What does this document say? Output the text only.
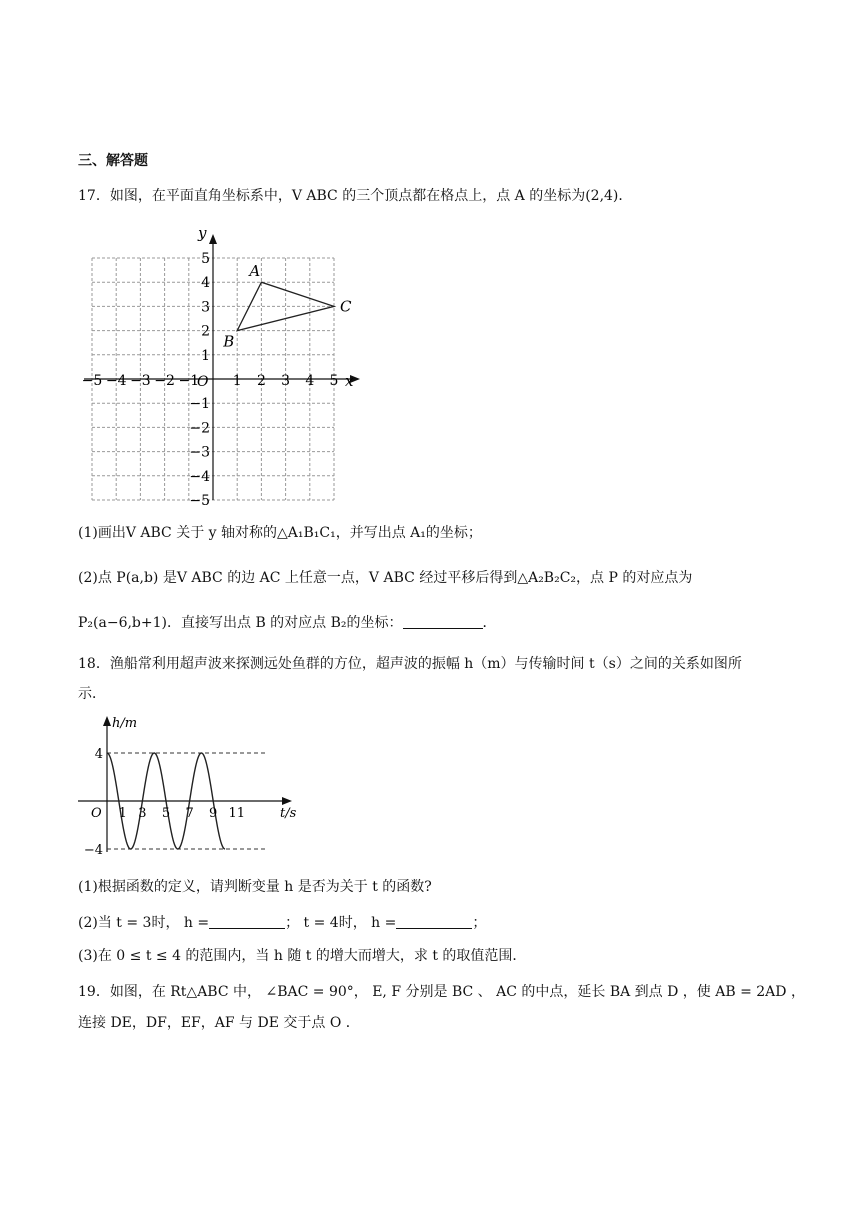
三、解答题
17．如图，在平面直角坐标系中，V ABC 的三个顶点都在格点上，点 A 的坐标为(2,4)．
−5 −4 −3 −2 −1 1 2 3 4 5
5
4
3
2
1
−1
−2
−3
−4
−5
A
B
C
O	x
y
(1)画出V ABC 关于 y 轴对称的△A₁B₁C₁，并写出点 A₁的坐标；
(2)点 P(a,b) 是V ABC 的边 AC 上任意一点，V ABC 经过平移后得到△A₂B₂C₂，点 P 的对应点为
P₂(a−6,b+1)．直接写出点 B 的对应点 B₂的坐标：	．
18．渔船常利用超声波来探测远处鱼群的方位，超声波的振幅 h（m）与传输时间 t（s）之间的关系如图所
示．
1 3 5 7 9 11
4
−4
O
h/m
t/s
(1)根据函数的定义，请判断变量 h 是否为关于 t 的函数?
(2)当 t = 3时， h =	； t = 4时， h =	；
(3)在 0 ≤ t ≤ 4 的范围内，当 h 随 t 的增大而增大，求 t 的取值范围．
19．如图，在 Rt△ABC 中， ∠BAC = 90°， E, F 分别是 BC 、 AC 的中点，延长 BA 到点 D ，使 AB = 2AD ，
连接 DE，DF，EF，AF 与 DE 交于点 O ．
